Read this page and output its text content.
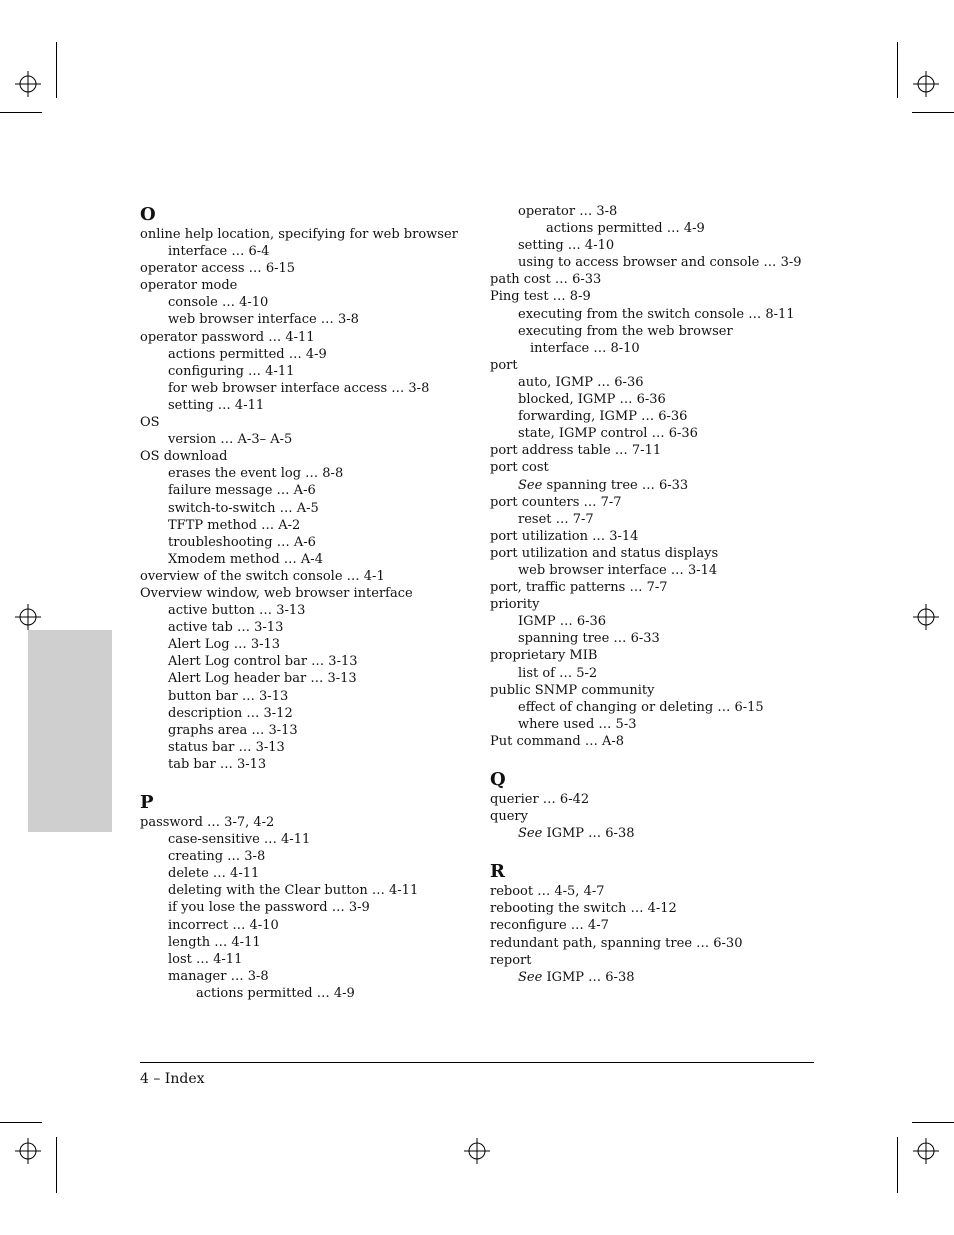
O
online help location, specifying for web browser
interface … 6-4
operator access … 6-15
operator mode
console … 4-10
web browser interface … 3-8
operator password … 4-11
actions permitted … 4-9
configuring … 4-11
for web browser interface access … 3-8
setting … 4-11
OS
version … A-3– A-5
OS download
erases the event log … 8-8
failure message … A-6
switch-to-switch … A-5
TFTP method … A-2
troubleshooting … A-6
Xmodem method … A-4
overview of the switch console … 4-1
Overview window, web browser interface
active button … 3-13
active tab … 3-13
Alert Log … 3-13
Alert Log control bar … 3-13
Alert Log header bar … 3-13
button bar … 3-13
description … 3-12
graphs area … 3-13
status bar … 3-13
tab bar … 3-13
P
password … 3-7, 4-2
case-sensitive … 4-11
creating … 3-8
delete … 4-11
deleting with the Clear button … 4-11
if you lose the password … 3-9
incorrect … 4-10
length … 4-11
lost … 4-11
manager … 3-8
actions permitted … 4-9
operator … 3-8
actions permitted … 4-9
setting … 4-10
using to access browser and console … 3-9
path cost … 6-33
Ping test … 8-9
executing from the switch console … 8-11
executing from the web browser
interface … 8-10
port
auto, IGMP … 6-36
blocked, IGMP … 6-36
forwarding, IGMP … 6-36
state, IGMP control … 6-36
port address table … 7-11
port cost
See spanning tree … 6-33
port counters … 7-7
reset … 7-7
port utilization … 3-14
port utilization and status displays
web browser interface … 3-14
port, traffic patterns … 7-7
priority
IGMP … 6-36
spanning tree … 6-33
proprietary MIB
list of … 5-2
public SNMP community
effect of changing or deleting … 6-15
where used … 5-3
Put command … A-8
Q
querier … 6-42
query
See IGMP … 6-38
R
reboot … 4-5, 4-7
rebooting the switch … 4-12
reconfigure … 4-7
redundant path, spanning tree … 6-30
report
See IGMP … 6-38
4 – Index
